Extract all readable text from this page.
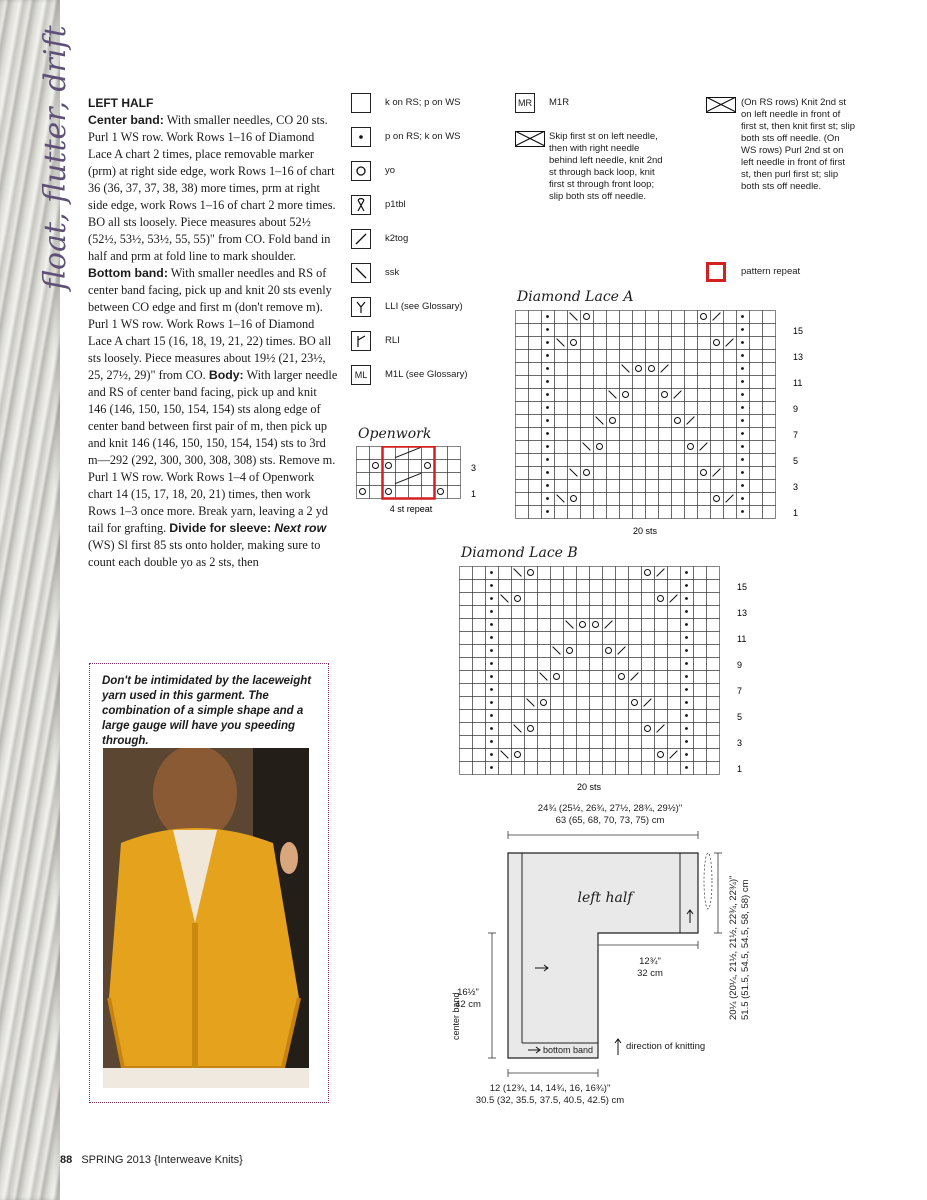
float, flutter, drift	LEFT HALF
Center band: With smaller needles, CO 20 sts. Purl 1 WS row. Work Rows 1–16 of Diamond Lace A chart 2 times, place removable marker (prm) at right side edge, work Rows 1–16 of chart 36 (36, 37, 37, 38, 38) more times, prm at right side edge, work Rows 1–16 of chart 2 more times. BO all sts loosely. Piece measures about 52½ (52½, 53½, 53½, 55, 55)" from CO. Fold band in half and prm at fold line to mark shoulder. Bottom band: With smaller needles and RS of center band facing, pick up and knit 20 sts evenly between CO edge and first m (don't remove m). Purl 1 WS row. Work Rows 1–16 of Diamond Lace A chart 15 (16, 18, 19, 21, 22) times. BO all sts loosely. Piece measures about 19½ (21, 23½, 25, 27½, 29)" from CO. Body: With larger needle and RS of center band facing, pick up and knit 146 (146, 150, 150, 154, 154) sts along edge of center band between first pair of m, then pick up and knit 146 (146, 150, 150, 154, 154) sts to 3rd m—292 (292, 300, 300, 308, 308) sts. Remove m. Purl 1 WS row. Work Rows 1–4 of Openwork chart 14 (15, 17, 18, 20, 21) times, then work Rows 1–3 once more. Break yarn, leaving a 2 yd tail for grafting. Divide for sleeve: Next row (WS) Sl first 85 sts onto holder, making sure to count each double yo as 2 sts, then

Don't be intimidated by the laceweight yarn used in this garment. The combination of a simple shape and a large gauge will have you speeding through.

k on RS; p on WS
p on RS; k on WS
yo
p1tbl
k2tog
ssk
LLI (see Glossary)
RLI
ML	M1L (see Glossary)
MR	M1R
Skip first st on left needle, then with right needle behind left needle, knit 2nd st through back loop, knit first st through front loop; slip both sts off needle.
(On RS rows) Knit 2nd st on left needle in front of first st, then knit first st; slip both sts off needle. (On WS rows) Purl 2nd st on left needle in front of first st, then purl first st; slip both sts off needle.
pattern repeat
Openwork
3
1
4 st repeat
Diamond Lace A
15
13
11
9
7
5
3
1
20 sts
Diamond Lace B
15
13
11
9
7
5
3
1
20 sts
24¾ (25½, 26¾, 27½, 28¾, 29½)"
63 (65, 68, 70, 73, 75) cm
left half
12¾"
32 cm
16½"
42 cm
center band
bottom band	direction of knitting
20¼ (20¼, 21½, 21½, 22¾, 22¾)" 51.5 (51.5, 54.5, 54.5, 58, 58) cm
12 (12¾, 14, 14¾, 16, 16¾)"
30.5 (32, 35.5, 37.5, 40.5, 42.5) cm
88 SPRING 2013 {Interweave Knits}
